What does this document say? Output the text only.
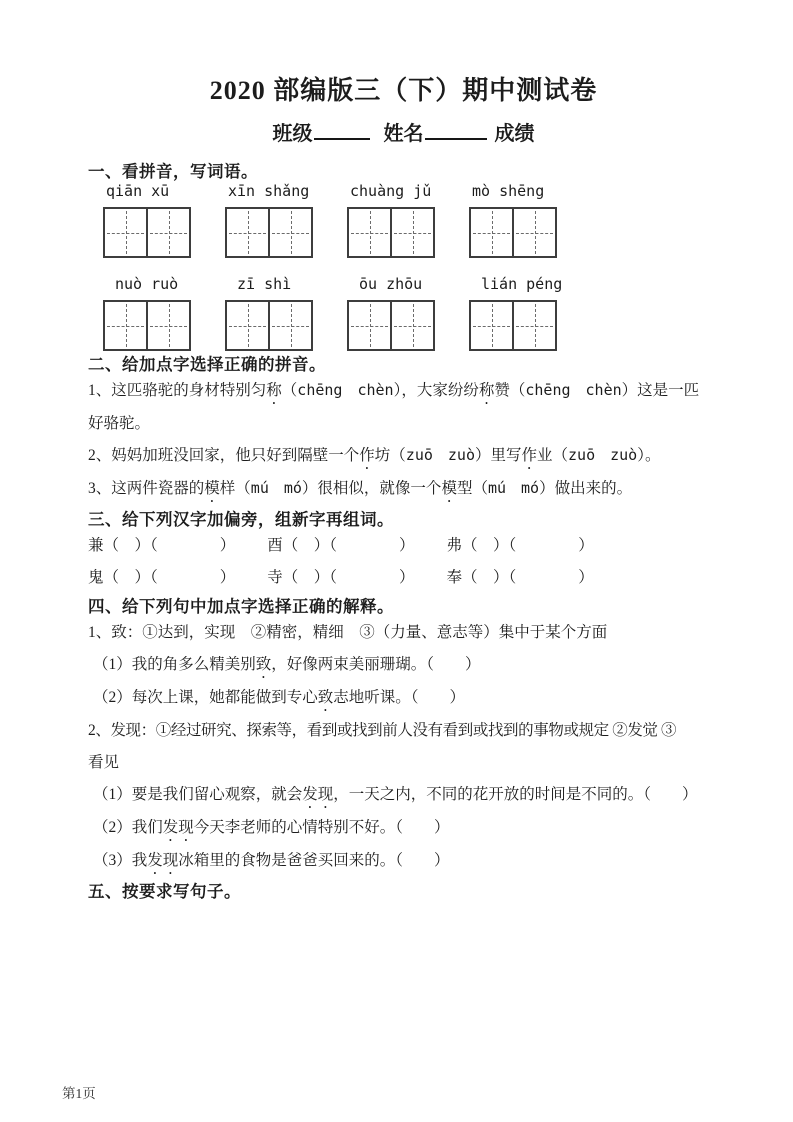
2020 部编版三（下）期中测试卷
班级	姓名	成绩
一、看拼音，写词语。
qiān xū	xīn shǎng	chuàng jǔ	mò shēng
nuò ruò	zī shì	ōu zhōu	lián péng
二、给加点字选择正确的拼音。

1、这匹骆驼的身材特别匀称（chēng　chèn），大家纷纷称赞（chēng　chèn）这是一匹

好骆驼。

2、妈妈加班没回家，他只好到隔壁一个作坊（zuō　zuò）里写作业（zuō　zuò）。

3、这两件瓷器的模样（mú　mó）很相似，就像一个模型（mú　mó）做出来的。

三、给下列汉字加偏旁，组新字再组词。
兼（　）（　　　　） 酉（　）（　　　　） 弗（　）（　　　　）
鬼（　）（　　　　） 寺（　）（　　　　） 奉（　）（　　　　）
四、给下列句中加点字选择正确的解释。

1、致：①达到，实现　②精密，精细　③（力量、意志等）集中于某个方面

（1）我的角多么精美别致，好像两束美丽珊瑚。（　　）

（2）每次上课，她都能做到专心致志地听课。（　　）

2、发现：①经过研究、探索等，看到或找到前人没有看到或找到的事物或规定 ②发觉 ③

看见

（1）要是我们留心观察，就会发现，一天之内，不同的花开放的时间是不同的。（　　）

（2）我们发现今天李老师的心情特别不好。（　　）

（3）我发现冰箱里的食物是爸爸买回来的。（　　）

五、按要求写句子。
第1页
